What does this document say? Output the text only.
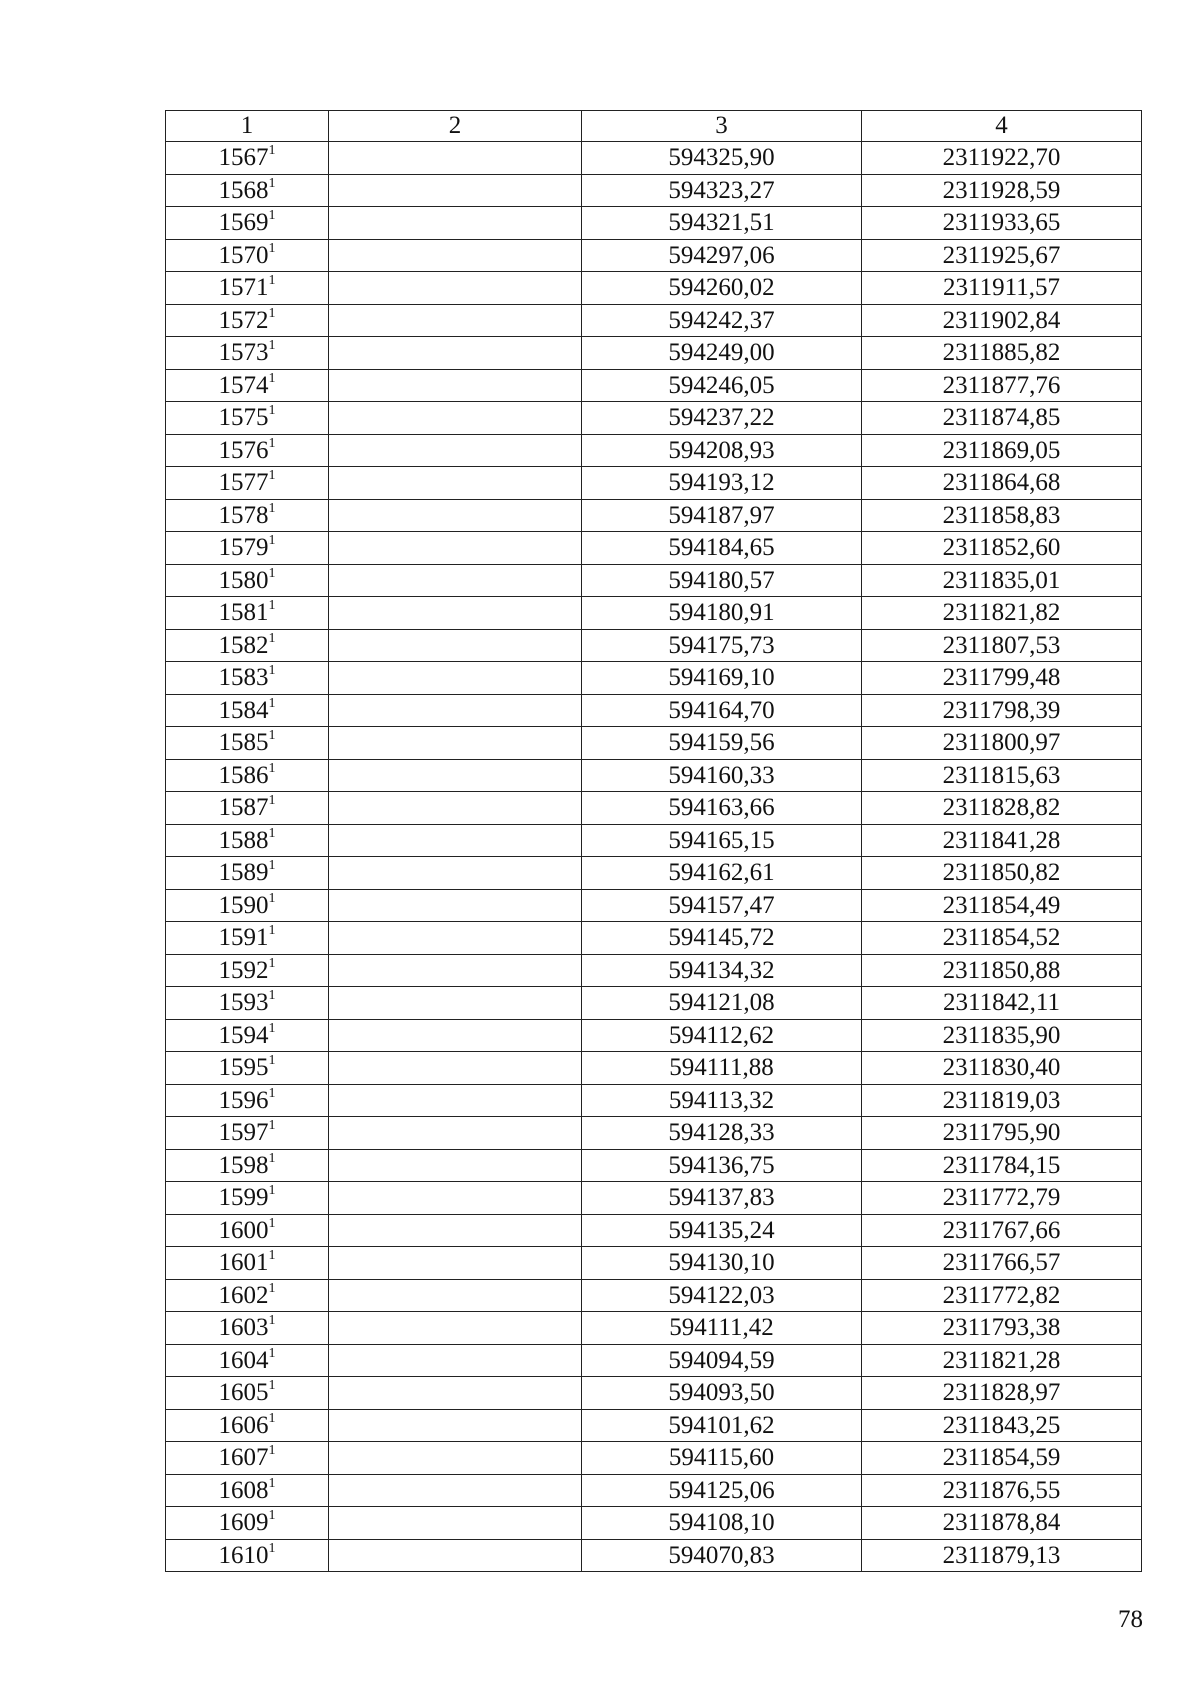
1	2	3	4
1567$^1$		594325,90	2311922,70
1568$^1$		594323,27	2311928,59
1569$^1$		594321,51	2311933,65
1570$^1$		594297,06	2311925,67
1571$^1$		594260,02	2311911,57
1572$^1$		594242,37	2311902,84
1573$^1$		594249,00	2311885,82
1574$^1$		594246,05	2311877,76
1575$^1$		594237,22	2311874,85
1576$^1$		594208,93	2311869,05
1577$^1$		594193,12	2311864,68
1578$^1$		594187,97	2311858,83
1579$^1$		594184,65	2311852,60
1580$^1$		594180,57	2311835,01
1581$^1$		594180,91	2311821,82
1582$^1$		594175,73	2311807,53
1583$^1$		594169,10	2311799,48
1584$^1$		594164,70	2311798,39
1585$^1$		594159,56	2311800,97
1586$^1$		594160,33	2311815,63
1587$^1$		594163,66	2311828,82
1588$^1$		594165,15	2311841,28
1589$^1$		594162,61	2311850,82
1590$^1$		594157,47	2311854,49
1591$^1$		594145,72	2311854,52
1592$^1$		594134,32	2311850,88
1593$^1$		594121,08	2311842,11
1594$^1$		594112,62	2311835,90
1595$^1$		594111,88	2311830,40
1596$^1$		594113,32	2311819,03
1597$^1$		594128,33	2311795,90
1598$^1$		594136,75	2311784,15
1599$^1$		594137,83	2311772,79
1600$^1$		594135,24	2311767,66
1601$^1$		594130,10	2311766,57
1602$^1$		594122,03	2311772,82
1603$^1$		594111,42	2311793,38
1604$^1$		594094,59	2311821,28
1605$^1$		594093,50	2311828,97
1606$^1$		594101,62	2311843,25
1607$^1$		594115,60	2311854,59
1608$^1$		594125,06	2311876,55
1609$^1$		594108,10	2311878,84
1610$^1$		594070,83	2311879,13
78
